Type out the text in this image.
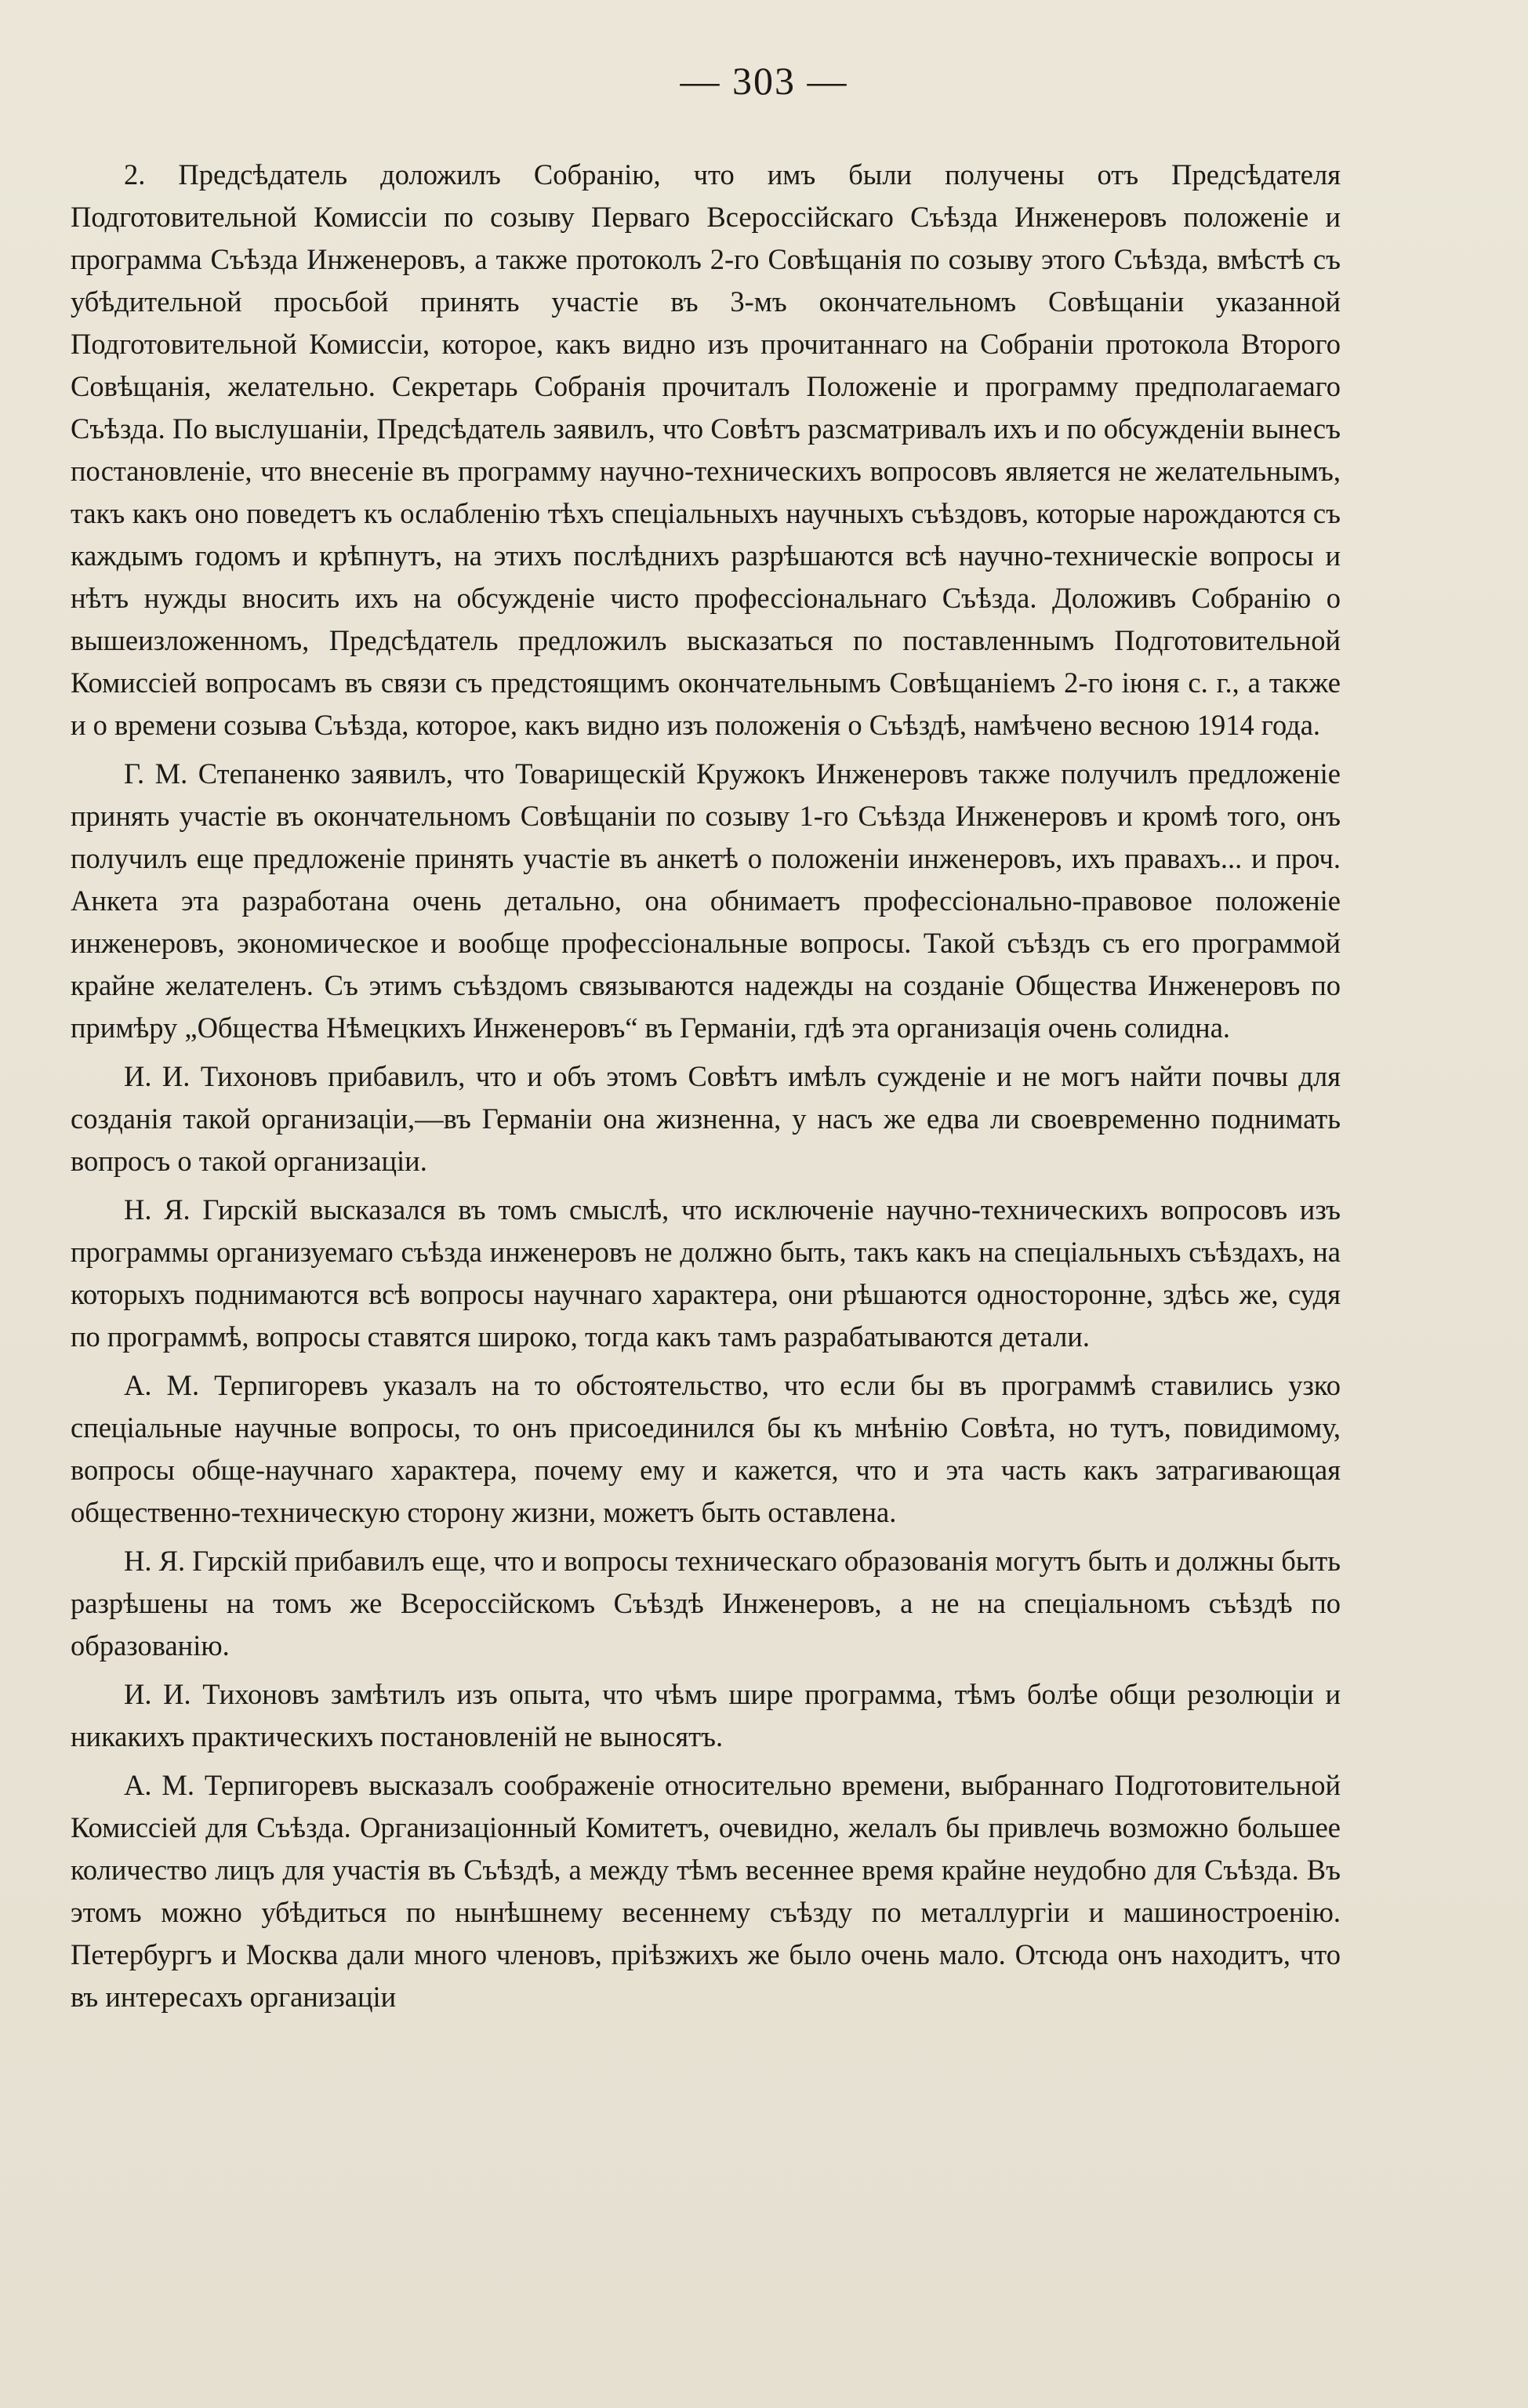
— 303 —

2. Предсѣдатель доложилъ Собранію, что имъ были получены отъ Предсѣдателя Подготовительной Комиссіи по созыву Перваго Всероссійскаго Съѣзда Инженеровъ положеніе и программа Съѣзда Инженеровъ, а также протоколъ 2-го Совѣщанія по созыву этого Съѣзда, вмѣстѣ съ убѣдительной просьбой принять участіе въ 3-мъ окончательномъ Совѣщаніи указанной Подготовительной Комиссіи, которое, какъ видно изъ прочитаннаго на Собраніи протокола Второго Совѣщанія, желательно. Секретарь Собранія прочиталъ Положеніе и программу предполагаемаго Съѣзда. По выслушаніи, Предсѣдатель заявилъ, что Совѣтъ разсматривалъ ихъ и по обсужденіи вынесъ постановленіе, что внесеніе въ программу научно-техническихъ вопросовъ является не желательнымъ, такъ какъ оно поведетъ къ ослабленію тѣхъ спеціальныхъ научныхъ съѣздовъ, которые нарождаются съ каждымъ годомъ и крѣпнутъ, на этихъ послѣднихъ разрѣшаются всѣ научно-техническіе вопросы и нѣтъ нужды вносить ихъ на обсужденіе чисто профессіональнаго Съѣзда. Доложивъ Собранію о вышеизложенномъ, Предсѣдатель предложилъ высказаться по поставленнымъ Подготовительной Комиссіей вопросамъ въ связи съ предстоящимъ окончательнымъ Совѣщаніемъ 2-го іюня с. г., а также и о времени созыва Съѣзда, которое, какъ видно изъ положенія о Съѣздѣ, намѣчено весною 1914 года.

Г. М. Степаненко заявилъ, что Товарищескій Кружокъ Инженеровъ также получилъ предложеніе принять участіе въ окончательномъ Совѣщаніи по созыву 1-го Съѣзда Инженеровъ и кромѣ того, онъ получилъ еще предложеніе принять участіе въ анкетѣ о положеніи инженеровъ, ихъ правахъ... и проч. Анкета эта разработана очень детально, она обнимаетъ профессіонально-правовое положеніе инженеровъ, экономическое и вообще профессіональные вопросы. Такой съѣздъ съ его программой крайне желателенъ. Съ этимъ съѣздомъ связываются надежды на созданіе Общества Инженеровъ по примѣру „Общества Нѣмецкихъ Инженеровъ“ въ Германіи, гдѣ эта организація очень солидна.

И. И. Тихоновъ прибавилъ, что и объ этомъ Совѣтъ имѣлъ сужденіе и не могъ найти почвы для созданія такой организаціи,—въ Германіи она жизненна, у насъ же едва ли своевременно поднимать вопросъ о такой организаціи.

Н. Я. Гирскій высказался въ томъ смыслѣ, что исключеніе научно-техническихъ вопросовъ изъ программы организуемаго съѣзда инженеровъ не должно быть, такъ какъ на спеціальныхъ съѣздахъ, на которыхъ поднимаются всѣ вопросы научнаго характера, они рѣшаются односторонне, здѣсь же, судя по программѣ, вопросы ставятся широко, тогда какъ тамъ разрабатываются детали.

А. М. Терпигоревъ указалъ на то обстоятельство, что если бы въ программѣ ставились узко спеціальные научные вопросы, то онъ присоединился бы къ мнѣнію Совѣта, но тутъ, повидимому, вопросы обще-научнаго характера, почему ему и кажется, что и эта часть какъ затрагивающая общественно-техническую сторону жизни, можетъ быть оставлена.

Н. Я. Гирскій прибавилъ еще, что и вопросы техническаго образованія могутъ быть и должны быть разрѣшены на томъ же Всероссійскомъ Съѣздѣ Инженеровъ, а не на спеціальномъ съѣздѣ по образованію.

И. И. Тихоновъ замѣтилъ изъ опыта, что чѣмъ шире программа, тѣмъ болѣе общи резолюціи и никакихъ практическихъ постановленій не выносятъ.

А. М. Терпигоревъ высказалъ соображеніе относительно времени, выбраннаго Подготовительной Комиссіей для Съѣзда. Организаціонный Комитетъ, очевидно, желалъ бы привлечь возможно большее количество лицъ для участія въ Съѣздѣ, а между тѣмъ весеннее время крайне неудобно для Съѣзда. Въ этомъ можно убѣдиться по нынѣшнему весеннему съѣзду по металлургіи и машиностроенію. Петербургъ и Москва дали много членовъ, пріѣзжихъ же было очень мало. Отсюда онъ находитъ, что въ интересахъ организаціи
